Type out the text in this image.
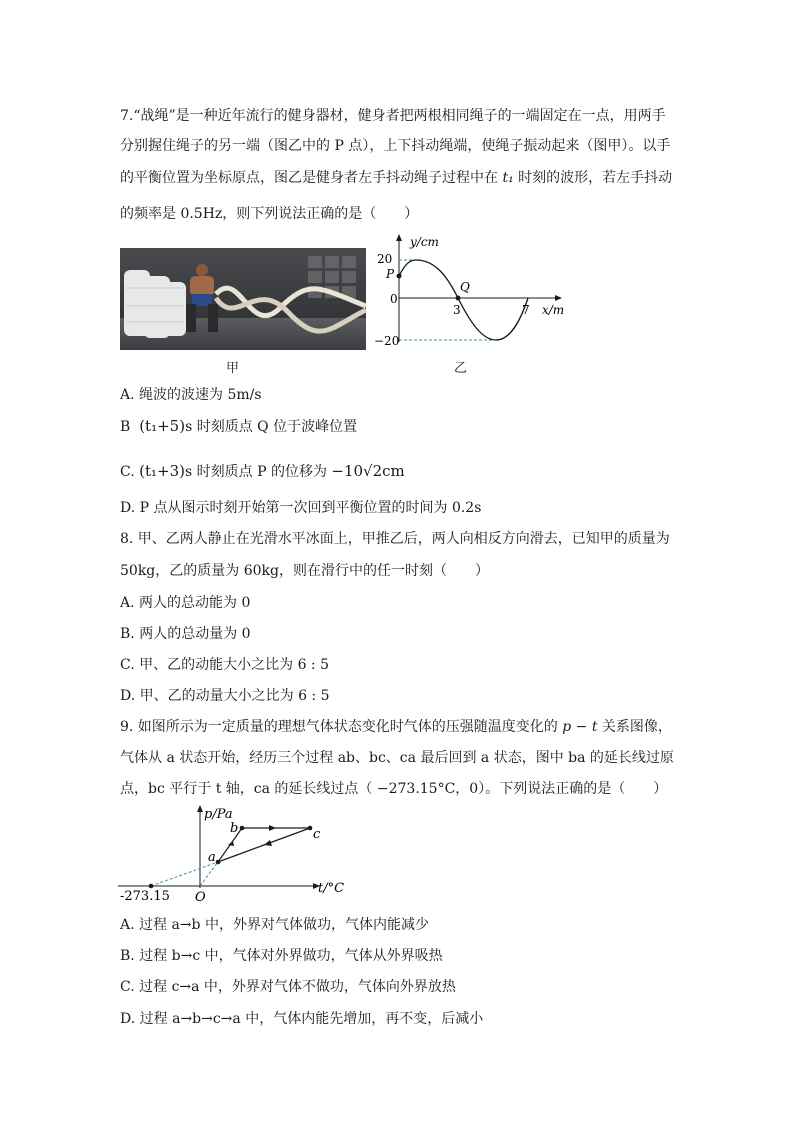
7.“战绳”是一种近年流行的健身器材，健身者把两根相同绳子的一端固定在一点，用两手
分别握住绳子的另一端（图乙中的 P 点），上下抖动绳端，使绳子振动起来（图甲）。以手
的平衡位置为坐标原点，图乙是健身者左手抖动绳子过程中在 t₁ 时刻的波形，若左手抖动
的频率是 0.5Hz，则下列说法正确的是（　　）
甲
y/cm
20
P
0
−20
Q
3	7 x/m
乙
A. 绳波的波速为 5m/s
B (t₁+5)s 时刻质点 Q 位于波峰位置
C. (t₁+3)s 时刻质点 P 的位移为 −10√2cm
D. P 点从图示时刻开始第一次回到平衡位置的时间为 0.2s
8. 甲、乙两人静止在光滑水平冰面上，甲推乙后，两人向相反方向滑去，已知甲的质量为
50kg，乙的质量为 60kg，则在滑行中的任一时刻（　　）
A. 两人的总动能为 0
B. 两人的总动量为 0
C. 甲、乙的动能大小之比为 6 : 5
D. 甲、乙的动量大小之比为 6 : 5
9. 如图所示为一定质量的理想气体状态变化时气体的压强随温度变化的 p − t 关系图像，
气体从 a 状态开始，经历三个过程 ab、bc、ca 最后回到 a 状态，图中 ba 的延长线过原
点，bc 平行于 t 轴，ca 的延长线过点（ −273.15°C，0）。下列说法正确的是（　　）
p/Pa
b	c
a
-273.15 O
t/°C
A. 过程 a→b 中，外界对气体做功，气体内能减少
B. 过程 b→c 中，气体对外界做功，气体从外界吸热
C. 过程 c→a 中，外界对气体不做功，气体向外界放热
D. 过程 a→b→c→a 中，气体内能先增加，再不变，后减小
